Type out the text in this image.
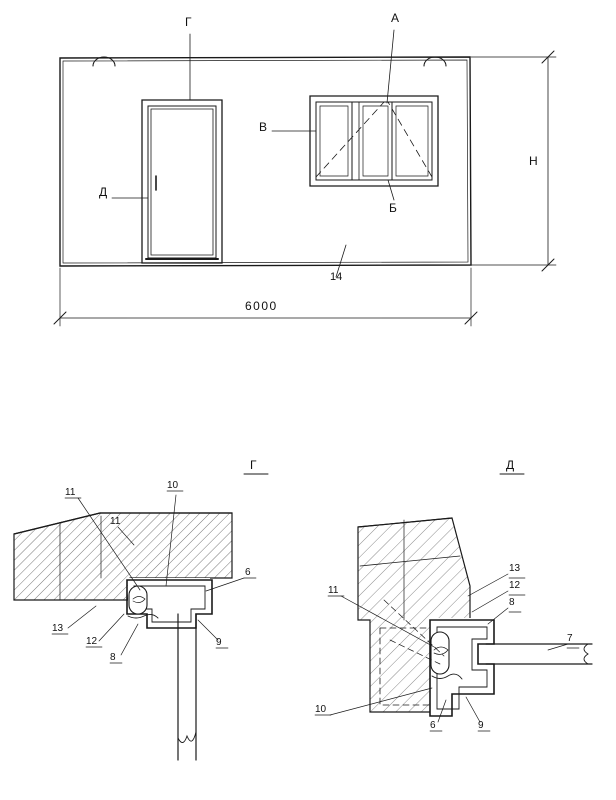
Г	А
В
Б
Д
14
6000
H
Г
11
11
10
6
13
12
8
9
Д
13
12
8
7
11
10
6	9
